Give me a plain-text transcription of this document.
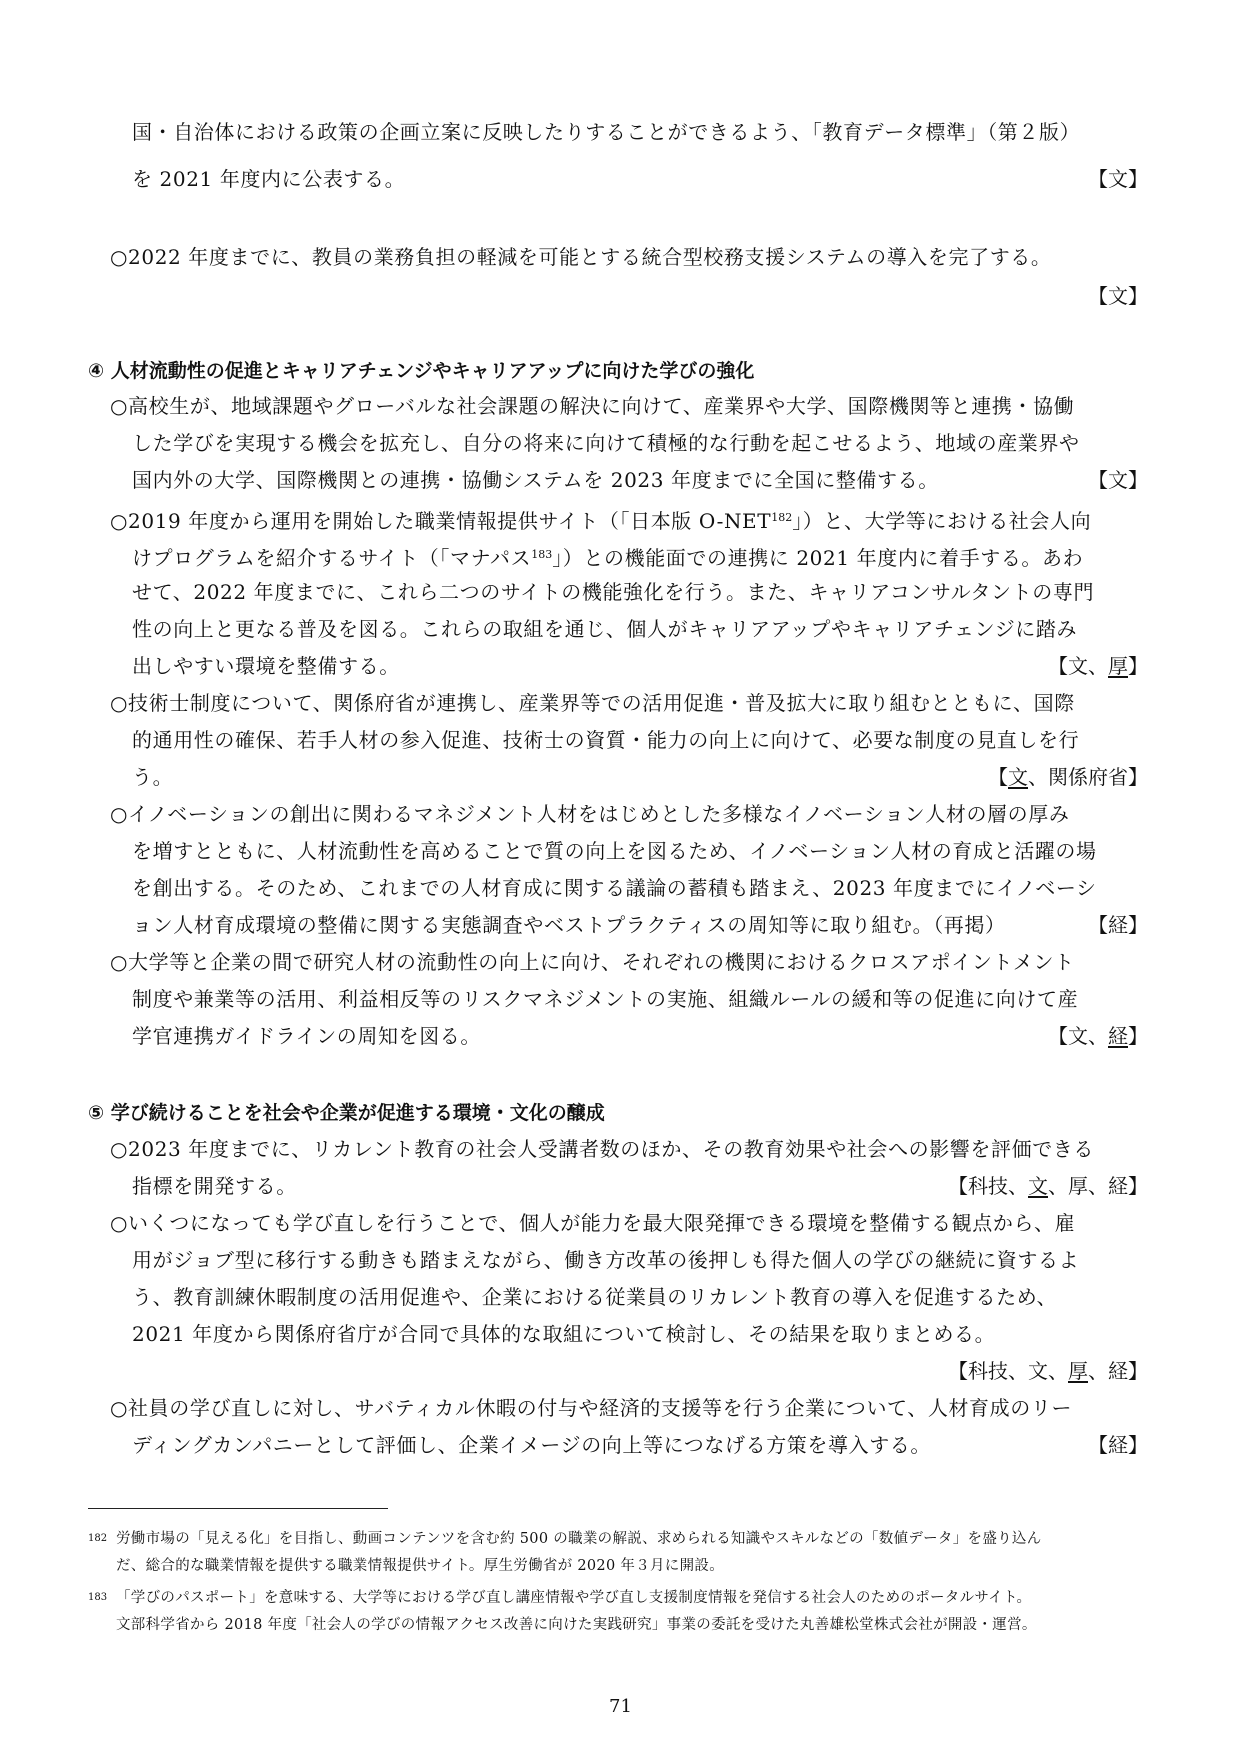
国・自治体における政策の企画立案に反映したりすることができるよう、「教育データ標準」（第２版）
を 2021 年度内に公表する。	【文】
○2022 年度までに、教員の業務負担の軽減を可能とする統合型校務支援システムの導入を完了する。
【文】
④ 人材流動性の促進とキャリアチェンジやキャリアアップに向けた学びの強化
○高校生が、地域課題やグローバルな社会課題の解決に向けて、産業界や大学、国際機関等と連携・協働
した学びを実現する機会を拡充し、自分の将来に向けて積極的な行動を起こせるよう、地域の産業界や
国内外の大学、国際機関との連携・協働システムを 2023 年度までに全国に整備する。	【文】
○2019 年度から運用を開始した職業情報提供サイト（「日本版 O-NET$^{182}$」）と、大学等における社会人向
けプログラムを紹介するサイト（「マナパス$^{183}$」）との機能面での連携に 2021 年度内に着手する。あわ
せて、2022 年度までに、これら二つのサイトの機能強化を行う。また、キャリアコンサルタントの専門
性の向上と更なる普及を図る。これらの取組を通じ、個人がキャリアアップやキャリアチェンジに踏み
出しやすい環境を整備する。	【文、厚】
○技術士制度について、関係府省が連携し、産業界等での活用促進・普及拡大に取り組むとともに、国際
的通用性の確保、若手人材の参入促進、技術士の資質・能力の向上に向けて、必要な制度の見直しを行
う。	【文、関係府省】
○イノベーションの創出に関わるマネジメント人材をはじめとした多様なイノベーション人材の層の厚み
を増すとともに、人材流動性を高めることで質の向上を図るため、イノベーション人材の育成と活躍の場
を創出する。そのため、これまでの人材育成に関する議論の蓄積も踏まえ、2023 年度までにイノベーシ
ョン人材育成環境の整備に関する実態調査やベストプラクティスの周知等に取り組む。（再掲）	【経】
○大学等と企業の間で研究人材の流動性の向上に向け、それぞれの機関におけるクロスアポイントメント
制度や兼業等の活用、利益相反等のリスクマネジメントの実施、組織ルールの緩和等の促進に向けて産
学官連携ガイドラインの周知を図る。	【文、経】
⑤ 学び続けることを社会や企業が促進する環境・文化の醸成
○2023 年度までに、リカレント教育の社会人受講者数のほか、その教育効果や社会への影響を評価できる
指標を開発する。	【科技、文、厚、経】
○いくつになっても学び直しを行うことで、個人が能力を最大限発揮できる環境を整備する観点から、雇
用がジョブ型に移行する動きも踏まえながら、働き方改革の後押しも得た個人の学びの継続に資するよ
う、教育訓練休暇制度の活用促進や、企業における従業員のリカレント教育の導入を促進するため、
2021 年度から関係府省庁が合同で具体的な取組について検討し、その結果を取りまとめる。
【科技、文、厚、経】
○社員の学び直しに対し、サバティカル休暇の付与や経済的支援等を行う企業について、人材育成のリー
ディングカンパニーとして評価し、企業イメージの向上等につなげる方策を導入する。	【経】
182 労働市場の「見える化」を目指し、動画コンテンツを含む約 500 の職業の解説、求められる知識やスキルなどの「数値データ」を盛り込ん
だ、総合的な職業情報を提供する職業情報提供サイト。厚生労働省が 2020 年３月に開設。
183 「学びのパスポート」を意味する、大学等における学び直し講座情報や学び直し支援制度情報を発信する社会人のためのポータルサイト。
文部科学省から 2018 年度「社会人の学びの情報アクセス改善に向けた実践研究」事業の委託を受けた丸善雄松堂株式会社が開設・運営。
71
